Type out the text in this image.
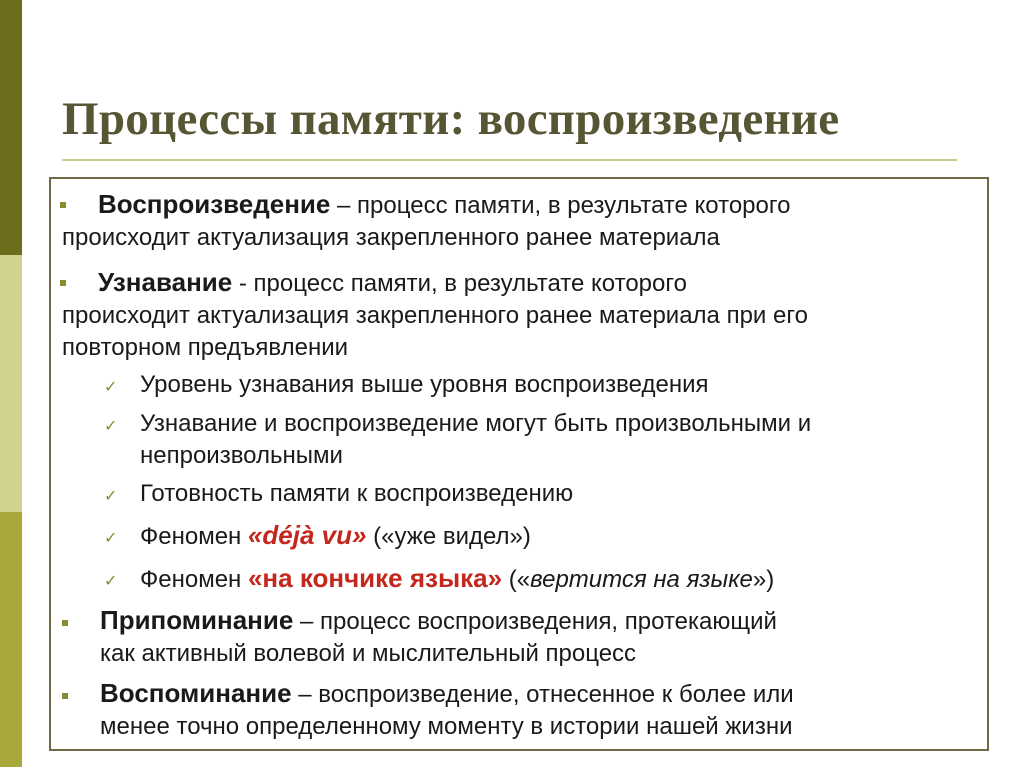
Процессы памяти: воспроизведение
Воспроизведение – процесс памяти, в результате которого
происходит актуализация закрепленного ранее материала
Узнавание - процесс памяти, в результате которого
происходит актуализация закрепленного ранее материала при его
повторном предъявлении
✓ Уровень узнавания выше уровня воспроизведения
✓ Узнавание и воспроизведение могут быть произвольными и
непроизвольными
✓ Готовность памяти к воспроизведению
✓ Феномен «déjà vu» («уже видел»)
✓ Феномен «на кончике языка» («вертится на языке»)
Припоминание – процесс воспроизведения, протекающий
как активный волевой и мыслительный процесс
Воспоминание – воспроизведение, отнесенное к более или
менее точно определенному моменту в истории нашей жизни
